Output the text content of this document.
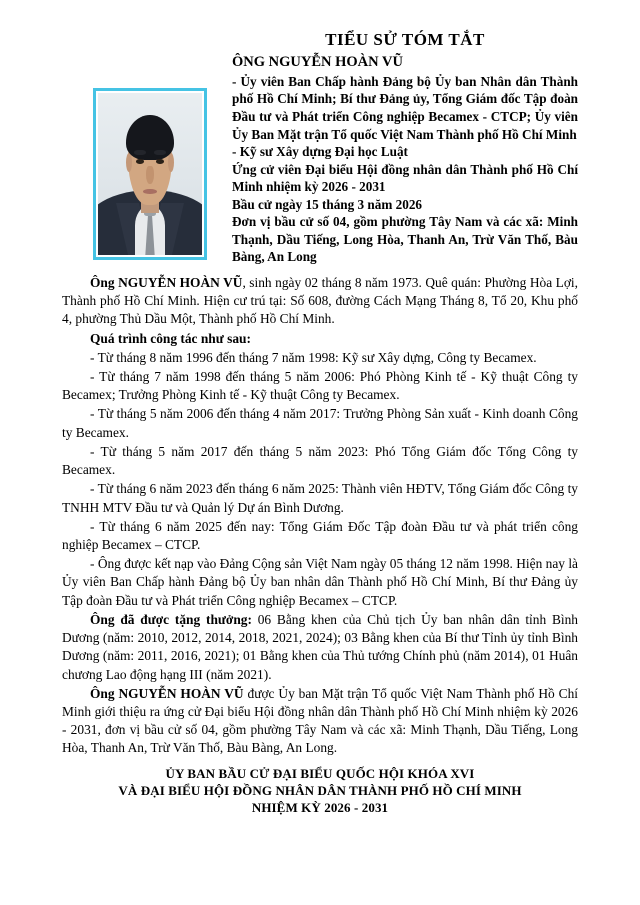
TIỂU SỬ TÓM TẮT
ÔNG NGUYỄN HOÀN VŨ
- Ủy viên Ban Chấp hành Đảng bộ Ủy ban Nhân dân Thành phố Hồ Chí Minh; Bí thư Đảng ủy, Tổng Giám đốc Tập đoàn Đầu tư và Phát triển Công nghiệp Becamex - CTCP; Ủy viên Ủy Ban Mặt trận Tổ quốc Việt Nam Thành phố Hồ Chí Minh
- Kỹ sư Xây dựng Đại học Luật
Ứng cử viên Đại biểu Hội đồng nhân dân Thành phố Hồ Chí Minh nhiệm kỳ 2026 - 2031
Bầu cử ngày 15 tháng 3 năm 2026
Đơn vị bầu cử số 04, gồm phường Tây Nam và các xã: Minh Thạnh, Dầu Tiếng, Long Hòa, Thanh An, Trừ Văn Thố, Bàu Bàng, An Long

Ông NGUYỄN HOÀN VŨ, sinh ngày 02 tháng 8 năm 1973. Quê quán: Phường Hòa Lợi, Thành phố Hồ Chí Minh. Hiện cư trú tại: Số 608, đường Cách Mạng Tháng 8, Tổ 20, Khu phố 4, phường Thủ Dầu Một, Thành phố Hồ Chí Minh.

Quá trình công tác như sau:

- Từ tháng 8 năm 1996 đến tháng 7 năm 1998: Kỹ sư Xây dựng, Công ty Becamex.

- Từ tháng 7 năm 1998 đến tháng 5 năm 2006: Phó Phòng Kinh tế - Kỹ thuật Công ty Becamex; Trưởng Phòng Kinh tế - Kỹ thuật Công ty Becamex.

- Từ tháng 5 năm 2006 đến tháng 4 năm 2017: Trưởng Phòng Sản xuất - Kinh doanh Công ty Becamex.

- Từ tháng 5 năm 2017 đến tháng 5 năm 2023: Phó Tổng Giám đốc Tổng Công ty Becamex.

- Từ tháng 6 năm 2023 đến tháng 6 năm 2025: Thành viên HĐTV, Tổng Giám đốc Công ty TNHH MTV Đầu tư và Quản lý Dự án Bình Dương.

- Từ tháng 6 năm 2025 đến nay: Tổng Giám Đốc Tập đoàn Đầu tư và phát triển công nghiệp Becamex – CTCP.

- Ông được kết nạp vào Đảng Cộng sản Việt Nam ngày 05 tháng 12 năm 1998. Hiện nay là Ủy viên Ban Chấp hành Đảng bộ Ủy ban nhân dân Thành phố Hồ Chí Minh, Bí thư Đảng ủy Tập đoàn Đầu tư và Phát triển Công nghiệp Becamex – CTCP.

Ông đã được tặng thưởng: 06 Bằng khen của Chủ tịch Ủy ban nhân dân tỉnh Bình Dương (năm: 2010, 2012, 2014, 2018, 2021, 2024); 03 Bằng khen của Bí thư Tỉnh ủy tỉnh Bình Dương (năm: 2011, 2016, 2021); 01 Bằng khen của Thủ tướng Chính phủ (năm 2014), 01 Huân chương Lao động hạng III (năm 2021).

Ông NGUYỄN HOÀN VŨ được Ủy ban Mặt trận Tổ quốc Việt Nam Thành phố Hồ Chí Minh giới thiệu ra ứng cử Đại biểu Hội đồng nhân dân Thành phố Hồ Chí Minh nhiệm kỳ 2026 - 2031, đơn vị bầu cử số 04, gồm phường Tây Nam và các xã: Minh Thạnh, Dầu Tiếng, Long Hòa, Thanh An, Trừ Văn Thố, Bàu Bàng, An Long.

ỦY BAN BẦU CỬ ĐẠI BIỂU QUỐC HỘI KHÓA XVI

VÀ ĐẠI BIỂU HỘI ĐỒNG NHÂN DÂN THÀNH PHỐ HỒ CHÍ MINH

NHIỆM KỲ 2026 - 2031
